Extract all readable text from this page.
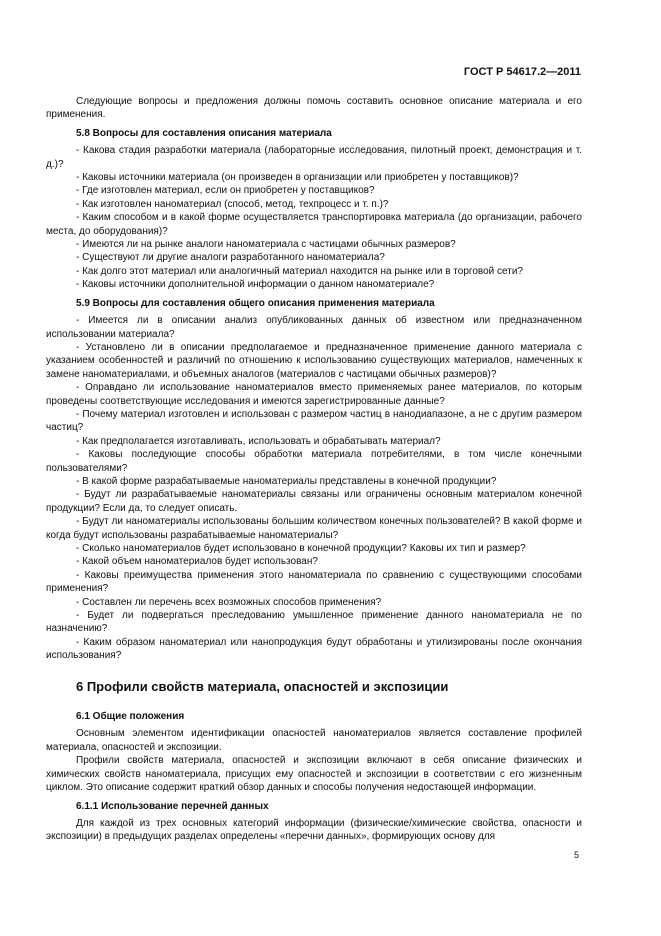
ГОСТ Р 54617.2—2011
Следующие вопросы и предложения должны помочь составить основное описание материала и его применения.
5.8 Вопросы для составления описания материала
- Какова стадия разработки материала (лабораторные исследования, пилотный проект, демонстрация и т. д.)?
- Каковы источники материала (он произведен в организации или приобретен у поставщиков)?
- Где изготовлен материал, если он приобретен у поставщиков?
- Как изготовлен наноматериал (способ, метод, техпроцесс и т. п.)?
- Каким способом и в какой форме осуществляется транспортировка материала (до организации, рабочего места, до оборудования)?
- Имеются ли на рынке аналоги наноматериала с частицами обычных размеров?
- Существуют ли другие аналоги разработанного наноматериала?
- Как долго этот материал или аналогичный материал находится на рынке или в торговой сети?
- Каковы источники дополнительной информации о данном наноматериале?
5.9 Вопросы для составления общего описания применения материала
- Имеется ли в описании анализ опубликованных данных об известном или предназначенном использовании материала?
- Установлено ли в описании предполагаемое и предназначенное применение данного материала с указанием особенностей и различий по отношению к использованию существующих материалов, намеченных к замене наноматериалами, и объемных аналогов (материалов с частицами обычных размеров)?
- Оправдано ли использование наноматериалов вместо применяемых ранее материалов, по которым проведены соответствующие исследования и имеются зарегистрированные данные?
- Почему материал изготовлен и использован с размером частиц в нанодиапазоне, а не с другим размером частиц?
- Как предполагается изготавливать, использовать и обрабатывать материал?
- Каковы последующие способы обработки материала потребителями, в том числе конечными пользователями?
- В какой форме разрабатываемые наноматериалы представлены в конечной продукции?
- Будут ли разрабатываемые наноматериалы связаны или ограничены основным материалом конечной продукции? Если да, то следует описать.
- Будут ли наноматериалы использованы большим количеством конечных пользователей? В какой форме и когда будут использованы разрабатываемые наноматериалы?
- Сколько наноматериалов будет использовано в конечной продукции? Каковы их тип и размер?
- Какой объем наноматериалов будет использован?
- Каковы преимущества применения этого наноматериала по сравнению с существующими способами применения?
- Составлен ли перечень всех возможных способов применения?
- Будет ли подвергаться преследованию умышленное применение данного наноматериала не по назначению?
- Каким образом наноматериал или нанопродукция будут обработаны и утилизированы после окончания использования?
6 Профили свойств материала, опасностей и экспозиции
6.1 Общие положения
Основным элементом идентификации опасностей наноматериалов является составление профилей материала, опасностей и экспозиции.
Профили свойств материала, опасностей и экспозиции включают в себя описание физических и химических свойств наноматериала, присущих ему опасностей и экспозиции в соответствии с его жизненным циклом. Это описание содержит краткий обзор данных и способы получения недостающей информации.
6.1.1 Использование перечней данных
Для каждой из трех основных категорий информации (физические/химические свойства, опасности и экспозиции) в предыдущих разделах определены «перечни данных», формирующих основу для
5
